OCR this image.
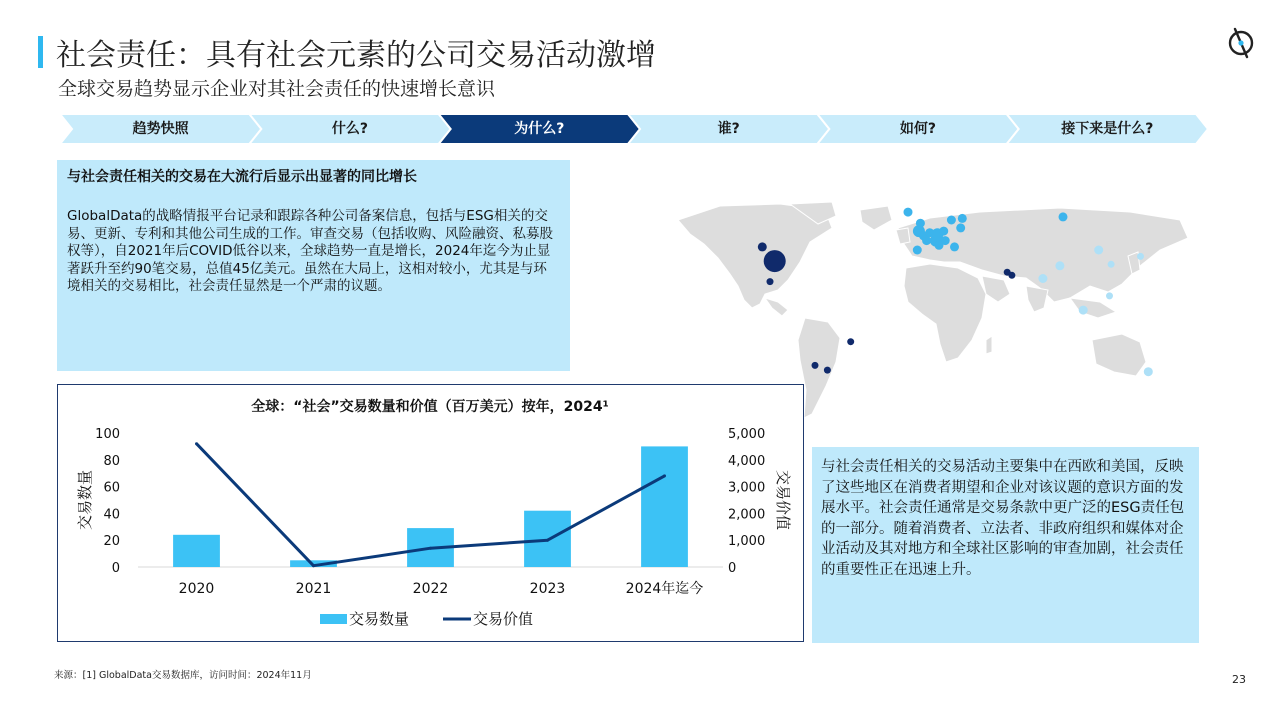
社会责任：具有社会元素的公司交易活动激增
全球交易趋势显示企业对其社会责任的快速增长意识
趋势快照	什么?	为什么?	谁?	如何?	接下来是什么?
与社会责任相关的交易在大流行后显示出显著的同比增长
GlobalData的战略情报平台记录和跟踪各种公司备案信息，包括与ESG相关的交易、更新、专利和其他公司生成的工作。审查交易（包括收购、风险融资、私募股权等），自2021年后COVID低谷以来，全球趋势一直是增长，2024年迄今为止显著跃升至约90笔交易，总值45亿美元。虽然在大局上，这相对较小，尤其是与环境相关的交易相比，社会责任显然是一个严肃的议题。
与社会责任相关的交易活动主要集中在西欧和美国，反映了这些地区在消费者期望和企业对该议题的意识方面的发展水平。社会责任通常是交易条款中更广泛的ESG责任包的一部分。随着消费者、立法者、非政府组织和媒体对企业活动及其对地方和全球社区影响的审查加剧，社会责任的重要性正在迅速上升。
全球：“社会”交易数量和价值（百万美元）按年，2024¹
0
20
40
60
80
100
0
1,000
2,000
3,000
4,000
5,000
交易数量	交易价值
2020	2021	2022	2023	2024年迄今
交易数量	交易价值
来源：[1] GlobalData交易数据库，访问时间：2024年11月	23
